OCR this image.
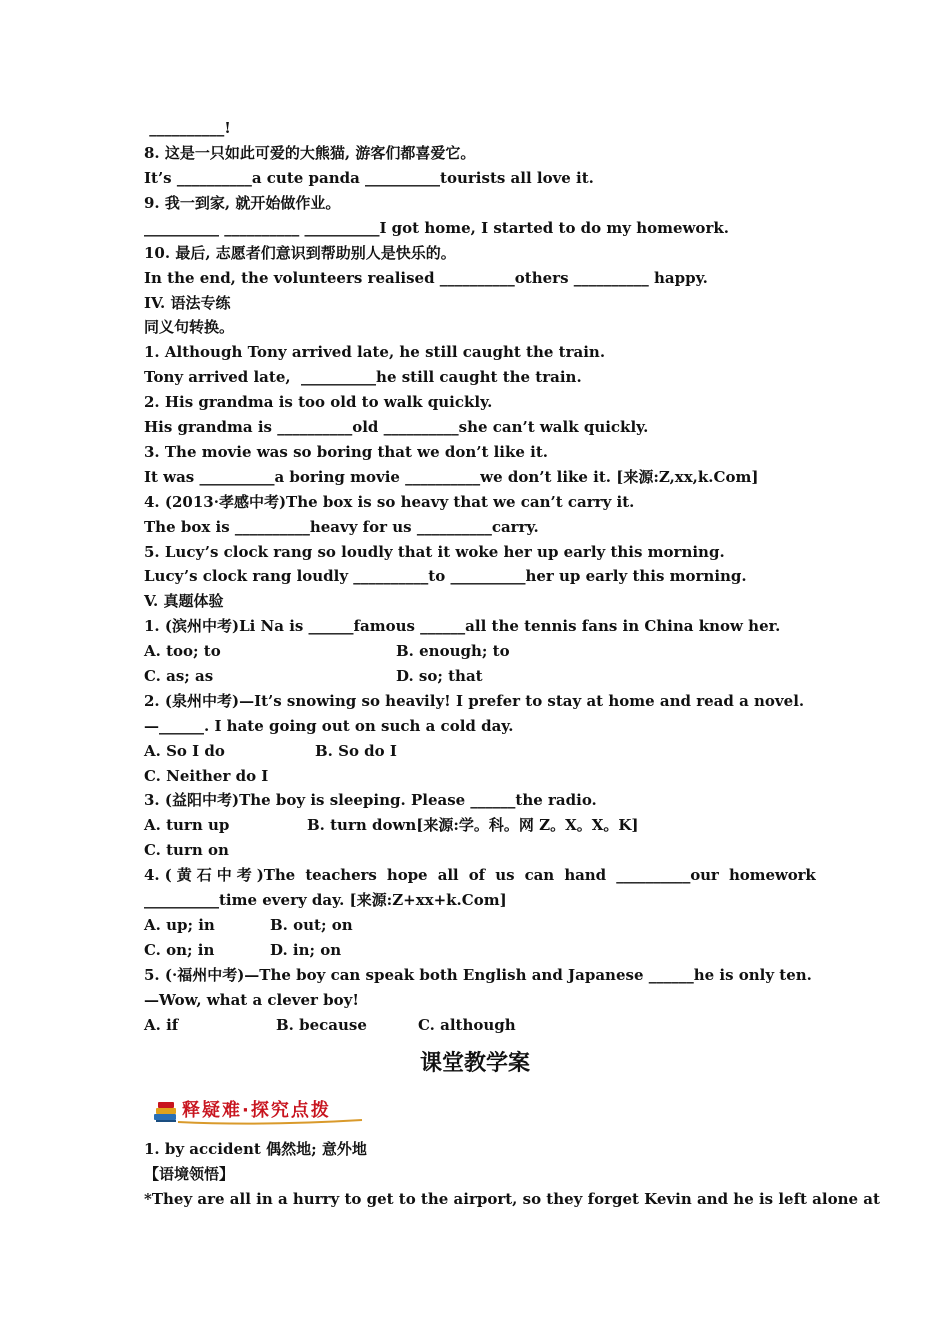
__________!
8. 这是一只如此可爱的大熊猫, 游客们都喜爱它。
It’s __________a cute panda __________tourists all love it.
9. 我一到家, 就开始做作业。
__________ __________ __________I got home, I started to do my homework.
10. 最后, 志愿者们意识到帮助别人是快乐的。
In the end, the volunteers realised __________others __________ happy.
IV. 语法专练
同义句转换。
1. Although Tony arrived late, he still caught the train.
Tony arrived late,  __________he still caught the train.
2. His grandma is too old to walk quickly.
His grandma is __________old __________she can’t walk quickly.
3. The movie was so boring that we don’t like it.
It was __________a boring movie __________we don’t like it. [来源:Z,xx,k.Com]
4. (2013·孝感中考)The box is so heavy that we can’t carry it.
The box is __________heavy for us __________carry.
5. Lucy’s clock rang so loudly that it woke her up early this morning.
Lucy’s clock rang loudly __________to __________her up early this morning.
V. 真题体验
1. (滨州中考)Li Na is ______famous ______all the tennis fans in China know her.
A. too; to	B. enough; to
C. as; as	D. so; that
2. (泉州中考)—It’s snowing so heavily! I prefer to stay at home and read a novel.
—______. I hate going out on such a cold day.
A. So I do	B. So do I
C. Neither do I
3. (益阳中考)The boy is sleeping. Please ______the radio.
A. turn up	B. turn down[来源:学。科。网 Z。X。X。K]
C. turn on
4. ( 黄 石 中 考 )The  teachers  hope  all  of  us  can  hand  __________our  homework
__________time every day. [来源:Z+xx+k.Com]
A. up; in	B. out; on
C. on; in	D. in; on
5. (·福州中考)—The boy can speak both English and Japanese ______he is only ten.
—Wow, what a clever boy!
A. if	B. because	C. although
课堂教学案
释疑难·探究点拨
1. by accident 偶然地; 意外地
【语境领悟】
*They are all in a hurry to get to the airport, so they forget Kevin and he is left alone at
